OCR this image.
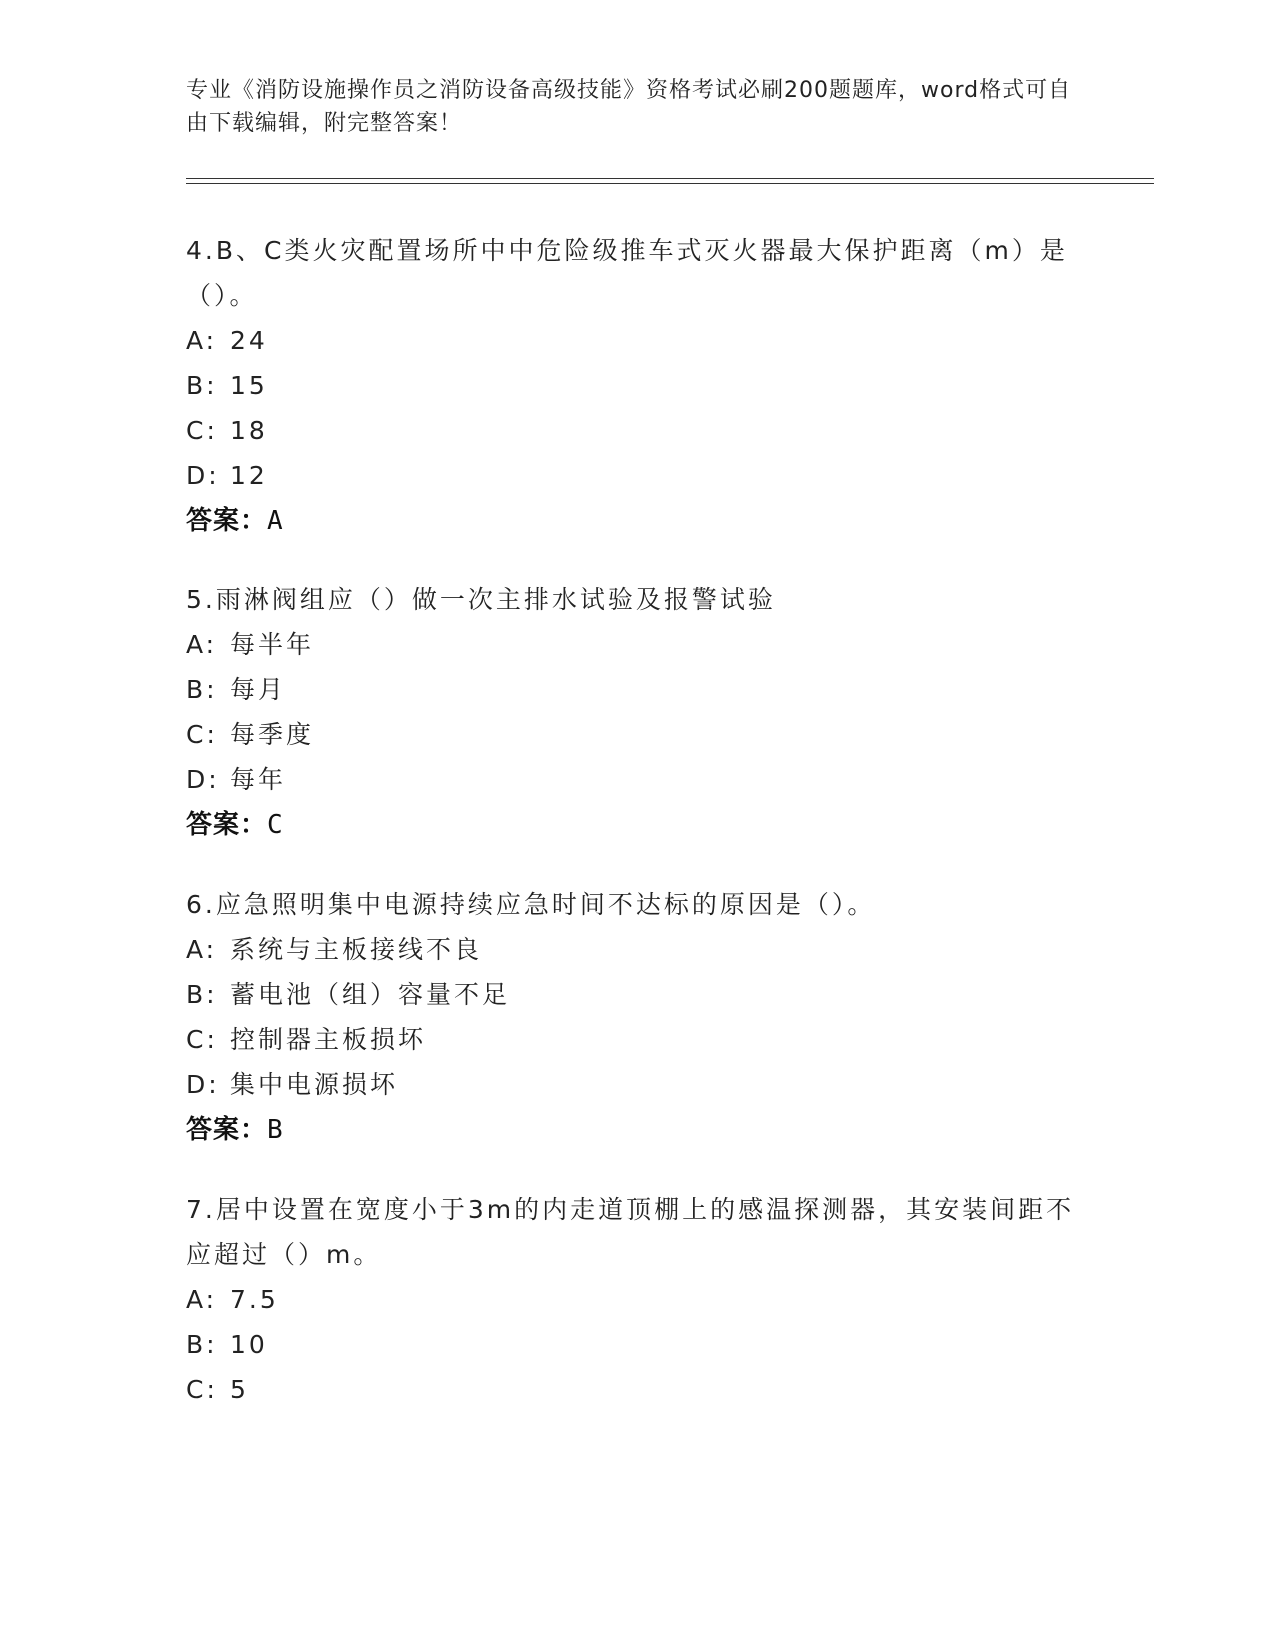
专业《消防设施操作员之消防设备高级技能》资格考试必刷200题题库，word格式可自由下载编辑，附完整答案！
4.B、C类火灾配置场所中中危险级推车式灭火器最大保护距离（m）是（）。
A: 24
B: 15
C: 18
D: 12
答案：A
5.雨淋阀组应（）做一次主排水试验及报警试验
A: 每半年
B: 每月
C: 每季度
D: 每年
答案：C
6.应急照明集中电源持续应急时间不达标的原因是（）。
A: 系统与主板接线不良
B: 蓄电池（组）容量不足
C: 控制器主板损坏
D: 集中电源损坏
答案：B
7.居中设置在宽度小于3m的内走道顶棚上的感温探测器，其安装间距不应超过（）m。
A: 7.5
B: 10
C: 5
